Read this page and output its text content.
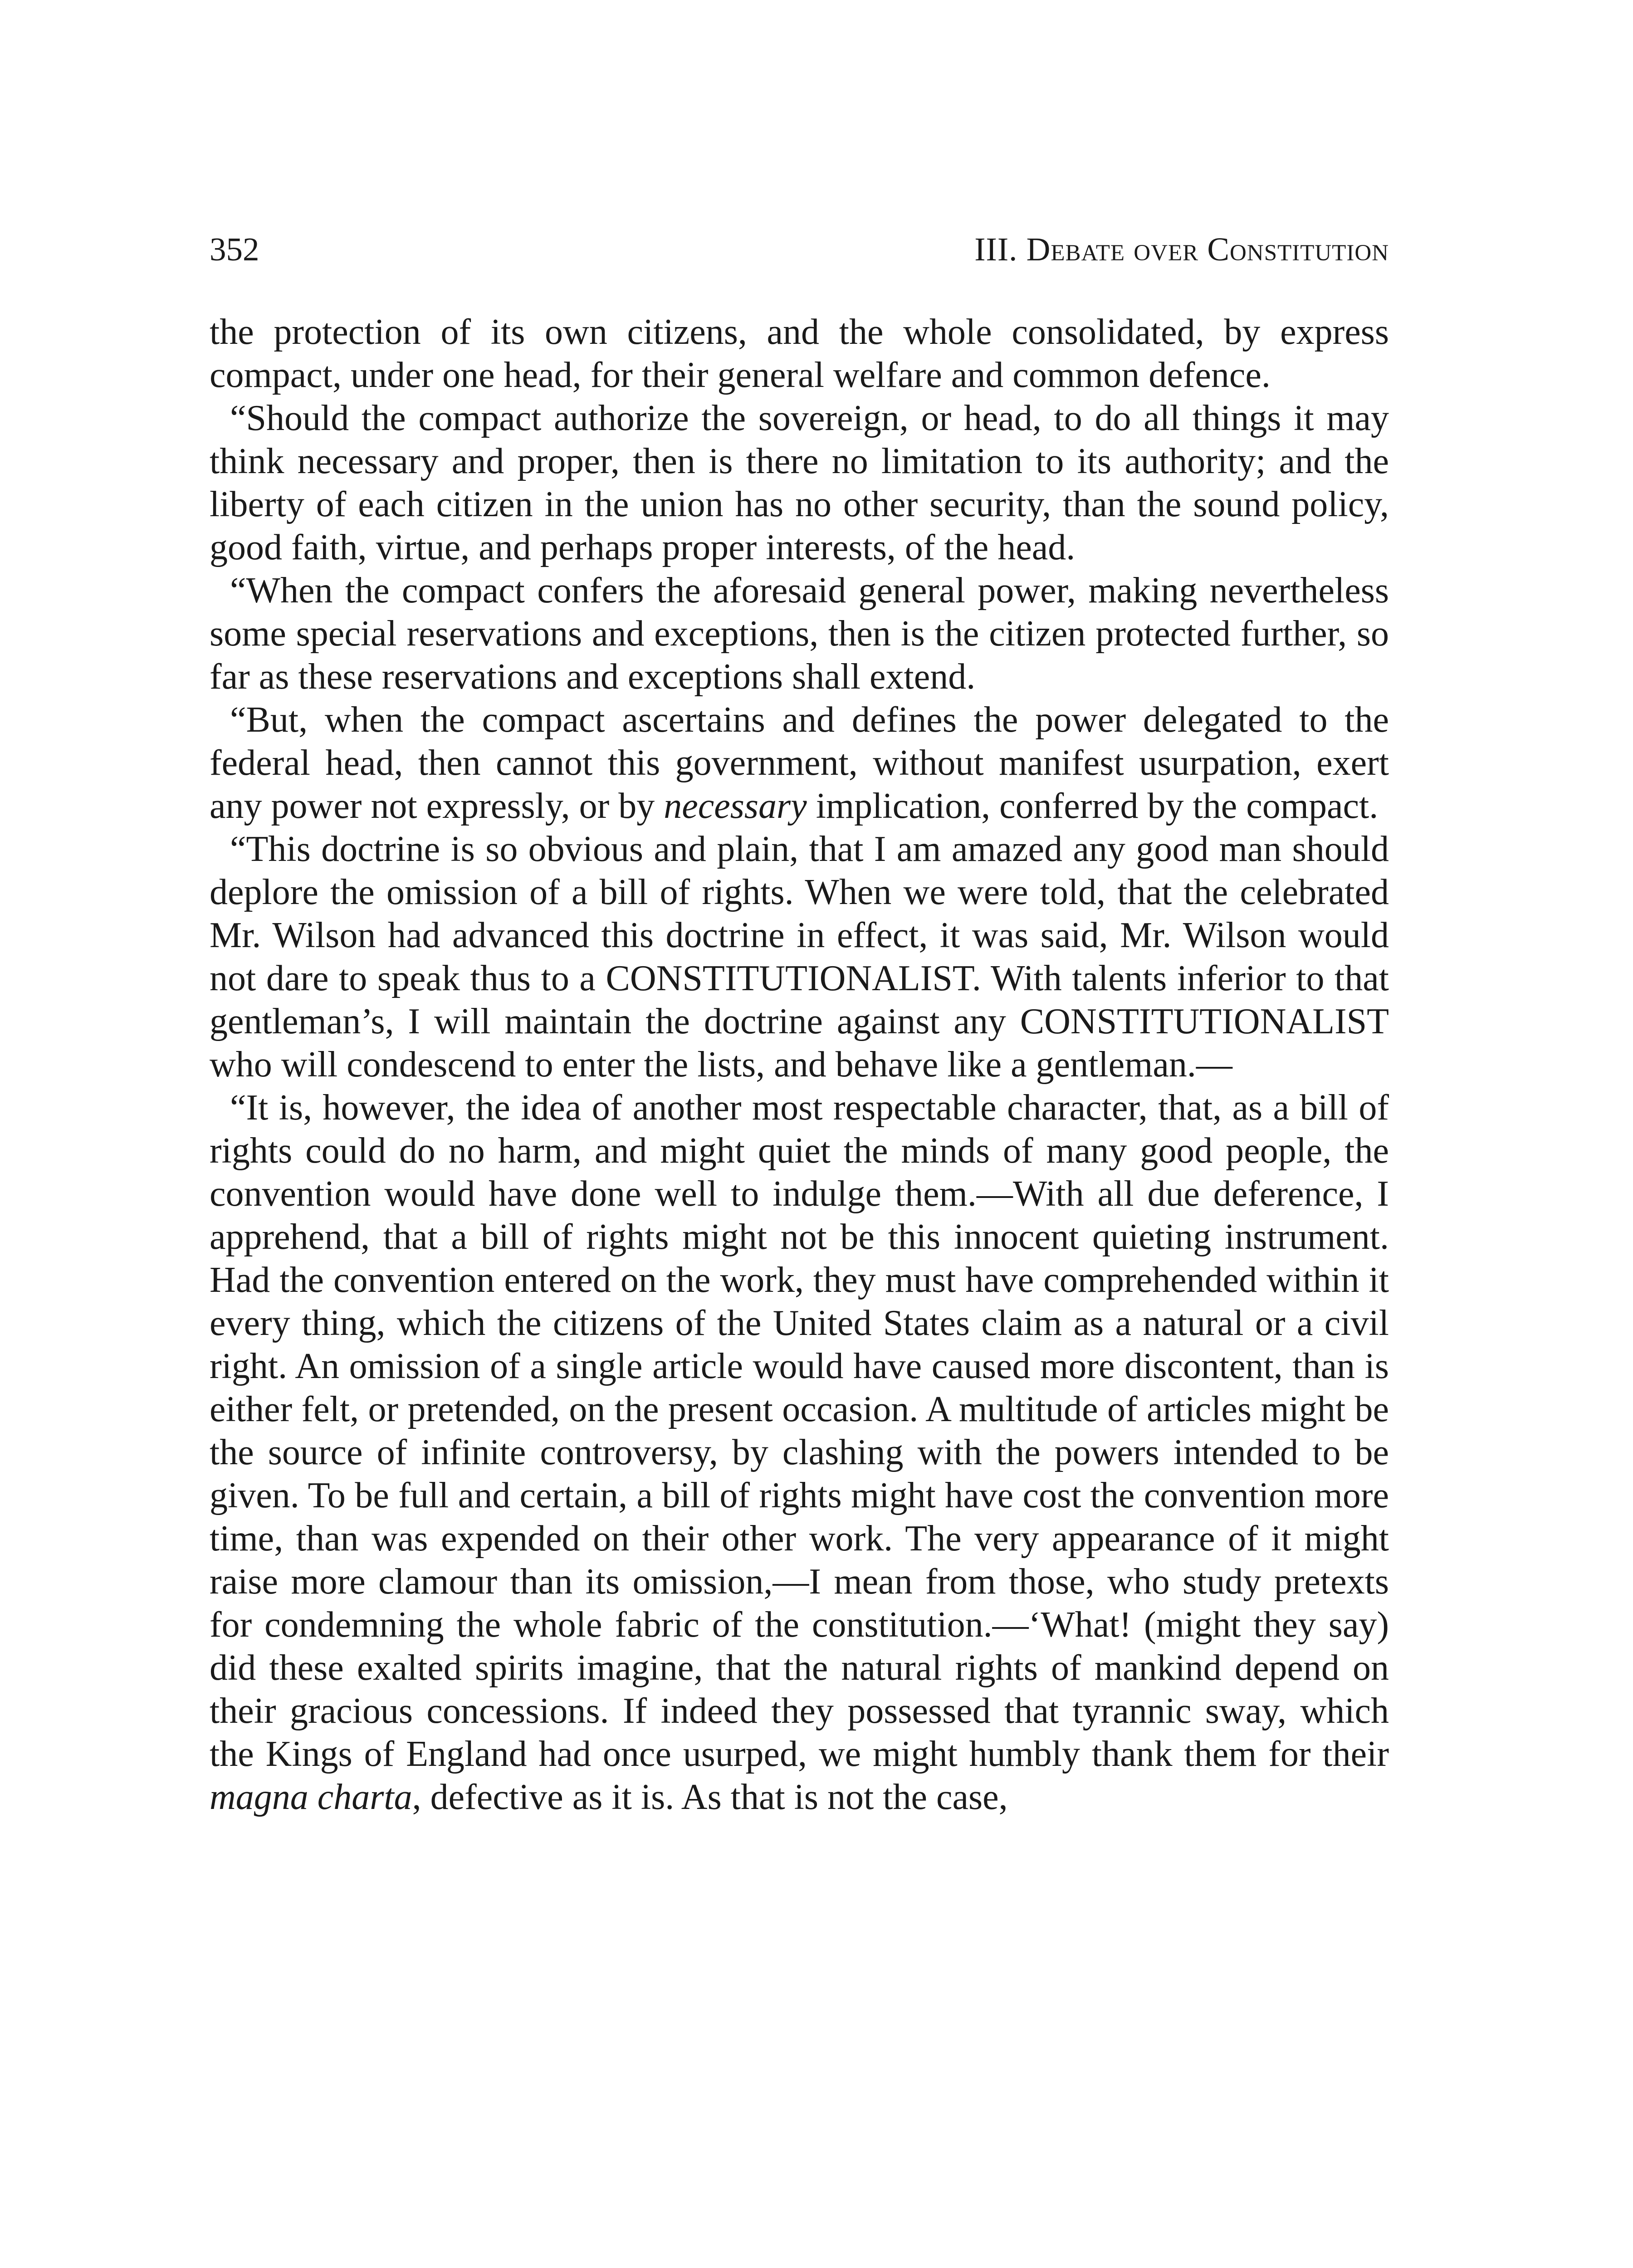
352	III. Debate over Constitution

the protection of its own citizens, and the whole consolidated, by express compact, under one head, for their general welfare and common defence.

“Should the compact authorize the sovereign, or head, to do all things it may think necessary and proper, then is there no limitation to its authority; and the liberty of each citizen in the union has no other security, than the sound policy, good faith, virtue, and perhaps proper interests, of the head.

“When the compact confers the aforesaid general power, making nevertheless some special reservations and exceptions, then is the citizen protected further, so far as these reservations and exceptions shall extend.

“But, when the compact ascertains and defines the power delegated to the federal head, then cannot this government, without manifest usurpation, exert any power not expressly, or by necessary implication, conferred by the compact.

“This doctrine is so obvious and plain, that I am amazed any good man should deplore the omission of a bill of rights. When we were told, that the celebrated Mr. Wilson had advanced this doctrine in effect, it was said, Mr. Wilson would not dare to speak thus to a CONSTITUTIONALIST. With talents inferior to that gentleman’s, I will maintain the doctrine against any CONSTITUTIONALIST who will condescend to enter the lists, and behave like a gentleman.—

“It is, however, the idea of another most respectable character, that, as a bill of rights could do no harm, and might quiet the minds of many good people, the convention would have done well to indulge them.—With all due deference, I apprehend, that a bill of rights might not be this innocent quieting instrument. Had the convention entered on the work, they must have comprehended within it every thing, which the citizens of the United States claim as a natural or a civil right. An omission of a single article would have caused more discontent, than is either felt, or pretended, on the present occasion. A multitude of articles might be the source of infinite controversy, by clashing with the powers intended to be given. To be full and certain, a bill of rights might have cost the convention more time, than was expended on their other work. The very appearance of it might raise more clamour than its omission,—I mean from those, who study pretexts for condemning the whole fabric of the constitution.—‘What! (might they say) did these exalted spirits imagine, that the natural rights of mankind depend on their gracious concessions. If indeed they possessed that tyrannic sway, which the Kings of England had once usurped, we might humbly thank them for their magna charta, defective as it is. As that is not the case,
